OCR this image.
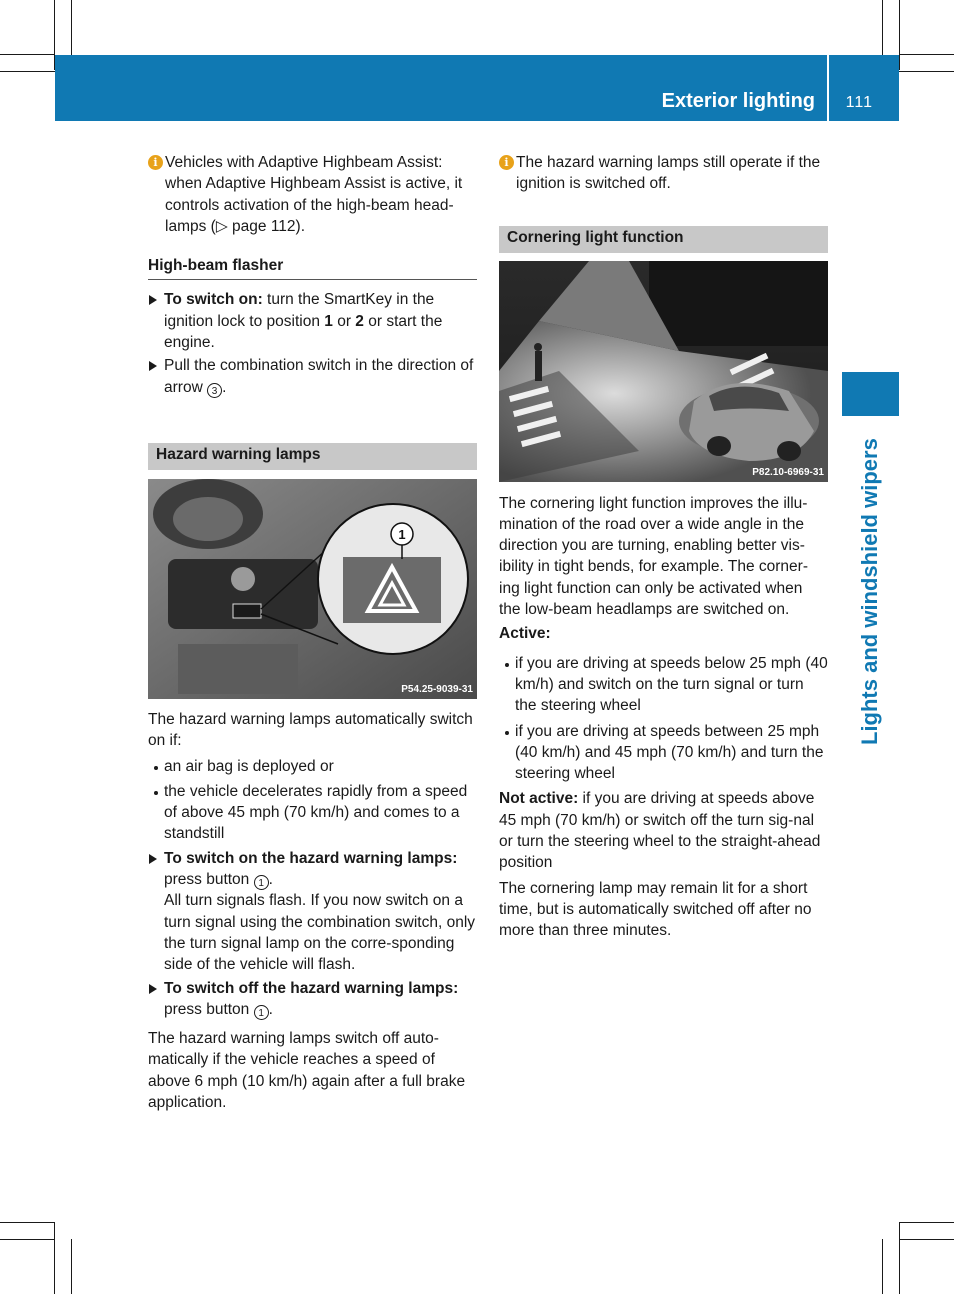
Exterior lighting 111
Lights and windshield wipers
i Vehicles with Adaptive Highbeam Assist: when Adaptive Highbeam Assist is active, it controls activation of the high-beam head-lamps (▷ page 112).

High-beam flasher
To switch on: turn the SmartKey in the ignition lock to position 1 or 2 or start the engine.
Pull the combination switch in the direction of arrow 3 .
Hazard warning lamps
1
P54.25-9039-31

The hazard warning lamps automatically switch on if:

an air bag is deployed or
the vehicle decelerates rapidly from a speed of above 45 mph (70 km/h) and comes to a standstill
To switch on the hazard warning lamps: press button 1 .
All turn signals flash. If you now switch on a turn signal using the combination switch, only the turn signal lamp on the corre-sponding side of the vehicle will flash.
To switch off the hazard warning lamps: press button 1 .

The hazard warning lamps switch off auto-matically if the vehicle reaches a speed of above 6 mph (10 km/h) again after a full brake application.

i The hazard warning lamps still operate if the ignition is switched off.

Cornering light function
P82.10-6969-31

The cornering light function improves the illu-mination of the road over a wide angle in the direction you are turning, enabling better vis-ibility in tight bends, for example. The corner-ing light function can only be activated when the low-beam headlamps are switched on.

Active:

if you are driving at speeds below 25 mph (40 km/h) and switch on the turn signal or turn the steering wheel
if you are driving at speeds between 25 mph (40 km/h) and 45 mph (70 km/h) and turn the steering wheel

Not active: if you are driving at speeds above 45 mph (70 km/h) or switch off the turn sig-nal or turn the steering wheel to the straight-ahead position

The cornering lamp may remain lit for a short time, but is automatically switched off after no more than three minutes.
